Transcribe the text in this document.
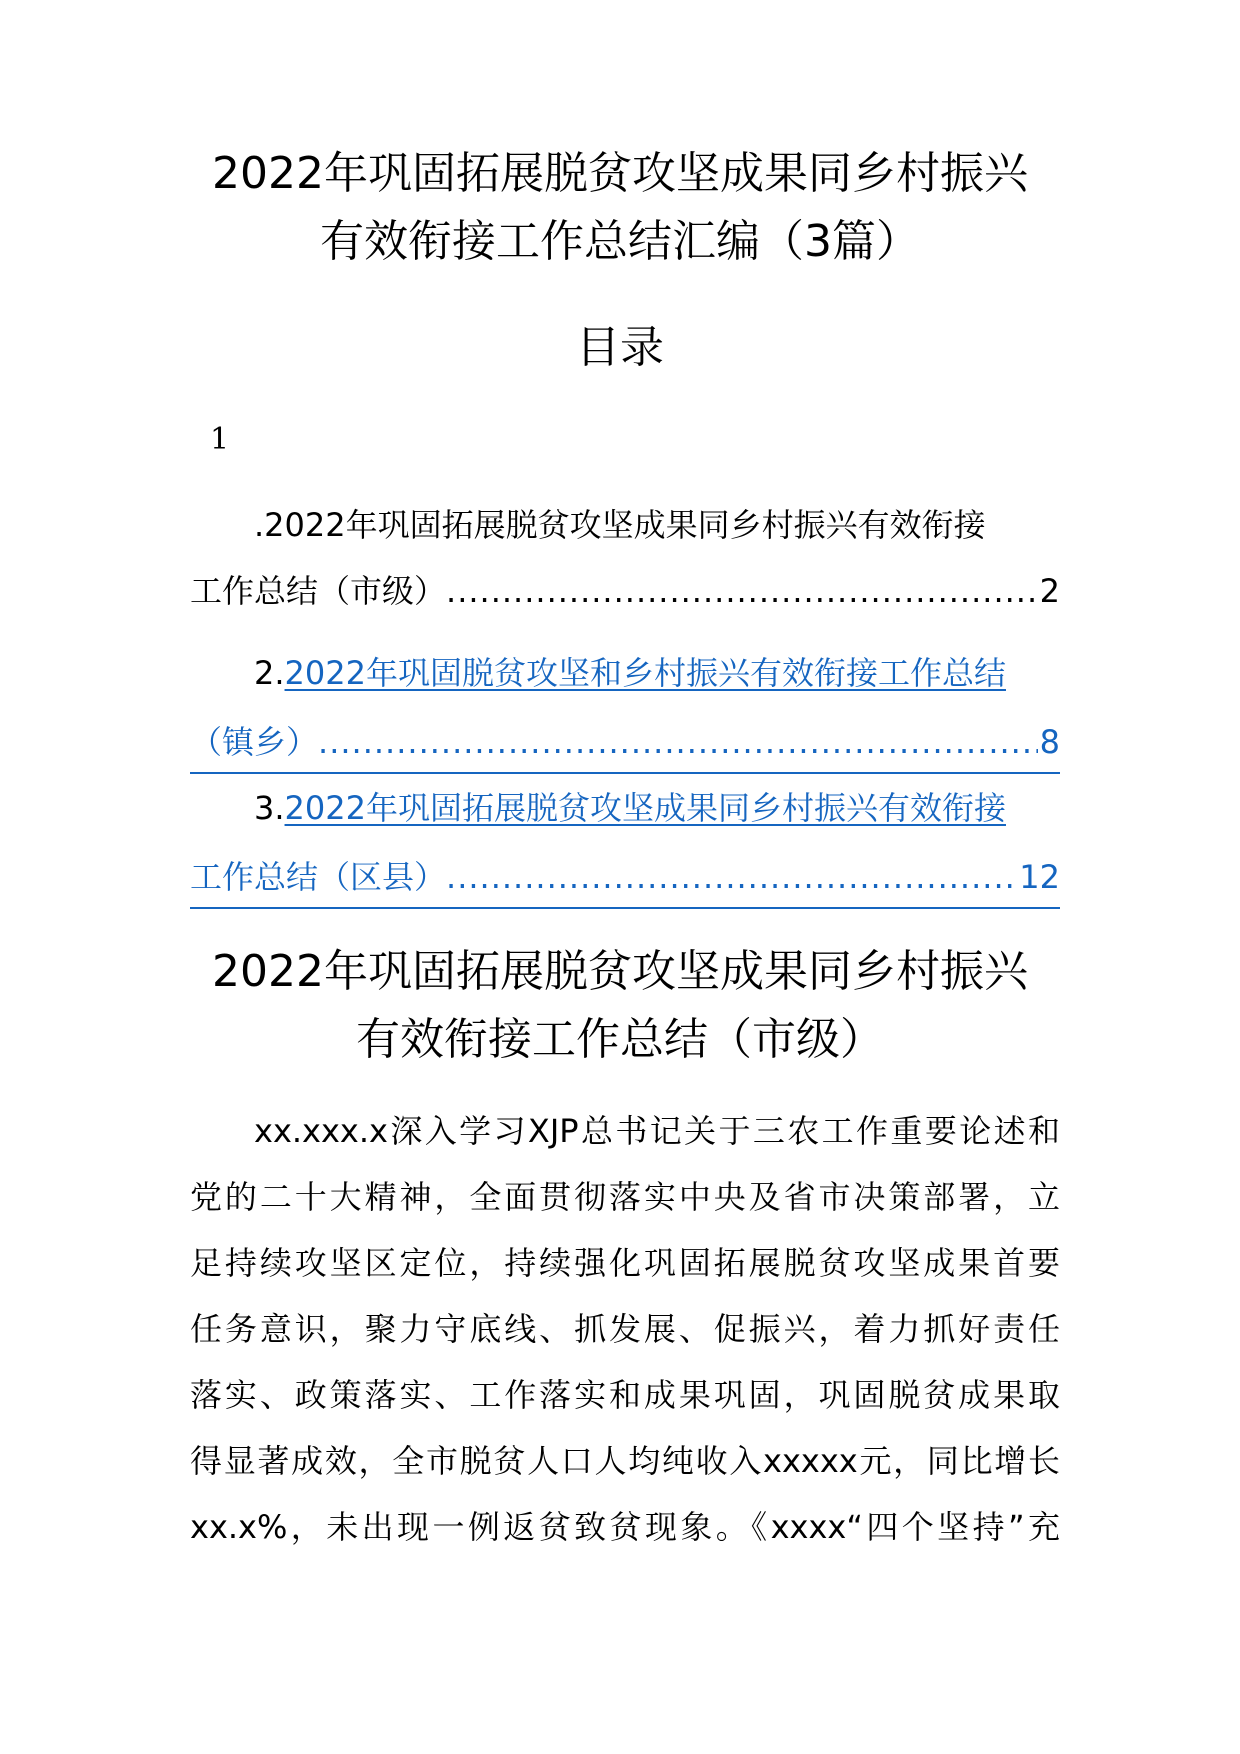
2022年巩固拓展脱贫攻坚成果同乡村振兴
有效衔接工作总结汇编（3篇）
目录
1
.2022年巩固拓展脱贫攻坚成果同乡村振兴有效衔接
工作总结（市级） .....	2
2.2022年巩固脱贫攻坚和乡村振兴有效衔接工作总结
（镇乡） .....	8
3.2022年巩固拓展脱贫攻坚成果同乡村振兴有效衔接
工作总结（区县） .....	12
2022年巩固拓展脱贫攻坚成果同乡村振兴
有效衔接工作总结（市级）
xx.xxx.x深入学习XJP总书记关于三农工作重要论述和
党的二十大精神，全面贯彻落实中央及省市决策部署，立
足持续攻坚区定位，持续强化巩固拓展脱贫攻坚成果首要
任务意识，聚力守底线、抓发展、促振兴，着力抓好责任
落实、政策落实、工作落实和成果巩固，巩固脱贫成果取
得显著成效，全市脱贫人口人均纯收入xxxxx元，同比增长
xx.x%，未出现一例返贫致贫现象。《xxxx“四个坚持”充
